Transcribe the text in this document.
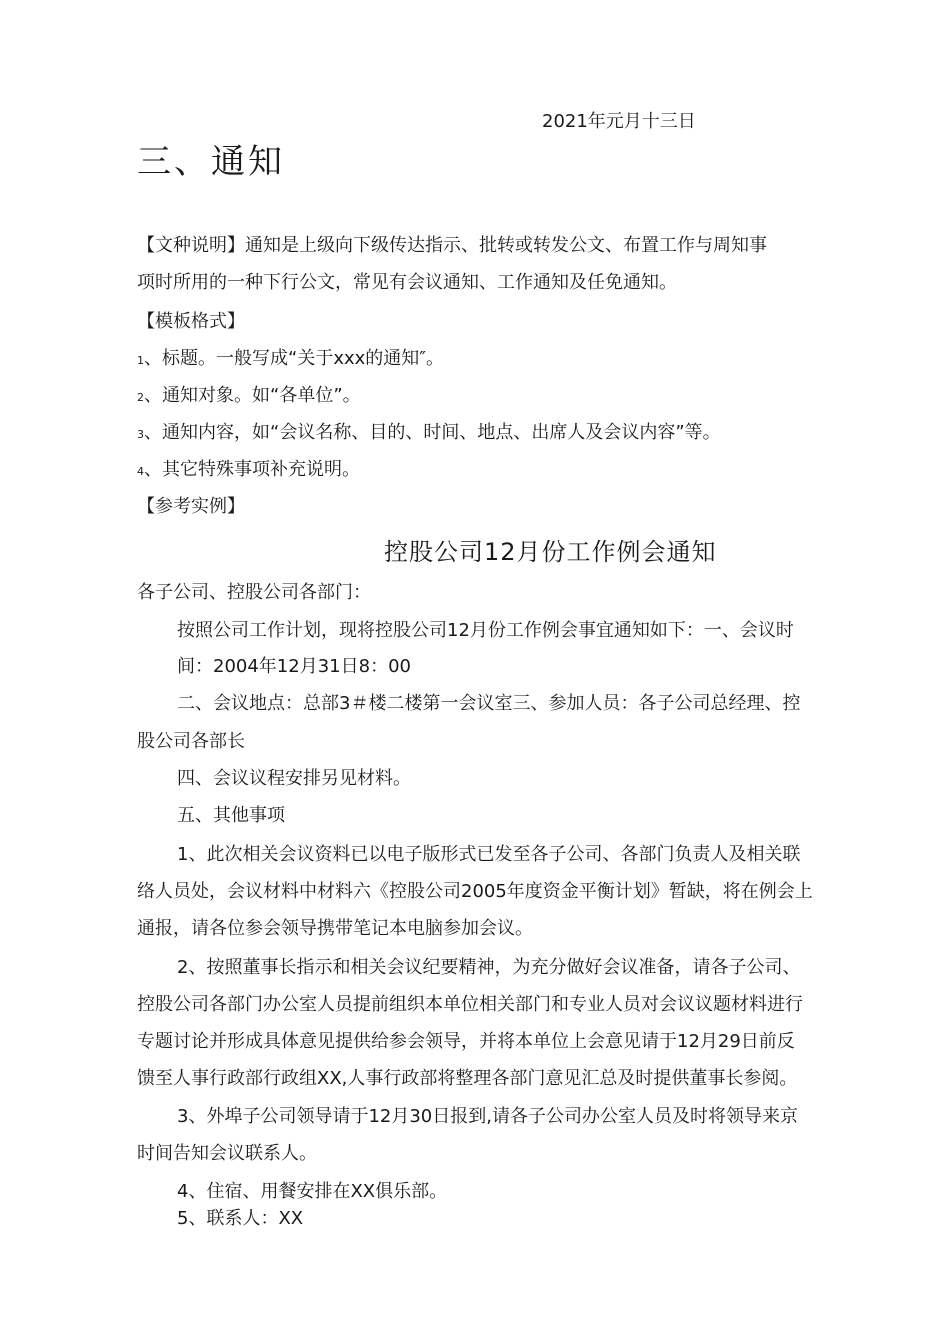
2021年元月十三日
三、通知
【文种说明】通知是上级向下级传达指示、批转或转发公文、布置工作与周知事
项时所用的一种下行公文，常见有会议通知、工作通知及任免通知。
【模板格式】
1、标题。一般写成“关于xxx的通知″。
2、通知对象。如“各单位”。
3、通知内容，如“会议名称、目的、时间、地点、出席人及会议内容”等。
4、其它特殊事项补充说明。
【参考实例】
控股公司12月份工作例会通知
各子公司、控股公司各部门：
按照公司工作计划，现将控股公司12月份工作例会事宜通知如下：一、会议时
间：2004年12月31日8：00
二、会议地点：总部3＃楼二楼第一会议室三、参加人员：各子公司总经理、控
股公司各部长
四、会议议程安排另见材料。
五、其他事项
1、此次相关会议资料已以电子版形式已发至各子公司、各部门负责人及相关联
络人员处，会议材料中材料六《控股公司2005年度资金平衡计划》暂缺，将在例会上
通报，请各位参会领导携带笔记本电脑参加会议。
2、按照董事长指示和相关会议纪要精神，为充分做好会议准备，请各子公司、
控股公司各部门办公室人员提前组织本单位相关部门和专业人员对会议议题材料进行
专题讨论并形成具体意见提供给参会领导，并将本单位上会意见请于12月29日前反
馈至人事行政部行政组XX,人事行政部将整理各部门意见汇总及时提供董事长参阅。
3、外埠子公司领导请于12月30日报到,请各子公司办公室人员及时将领导来京
时间告知会议联系人。
4、住宿、用餐安排在XX俱乐部。
5、联系人：XX
